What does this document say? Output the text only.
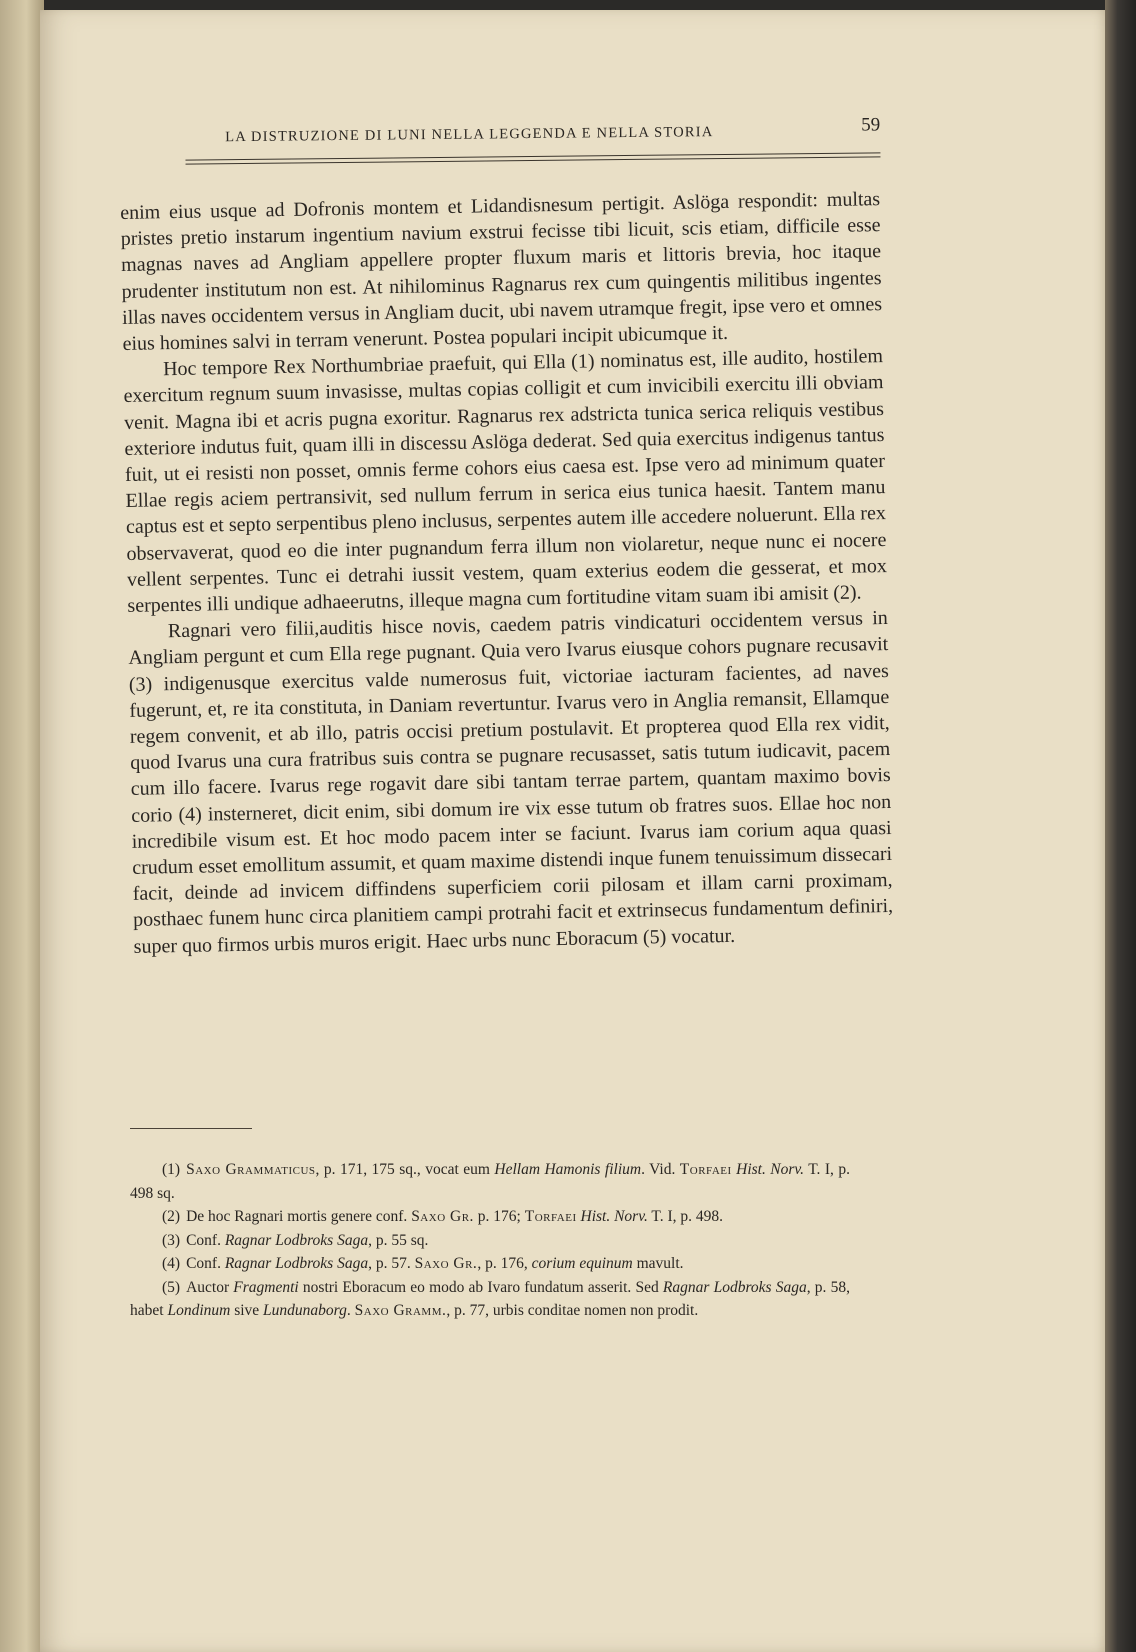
LA DISTRUZIONE DI LUNI NELLA LEGGENDA E NELLA STORIA	59

enim eius usque ad Dofronis montem et Lidandisnesum pertigit. Aslöga respondit: multas pristes pretio instarum ingentium navium exstrui fecisse tibi licuit, scis etiam, difficile esse magnas naves ad Angliam appellere propter fluxum maris et littoris brevia, hoc itaque prudenter institutum non est. At nihilominus Ragnarus rex cum quingentis militibus ingentes illas naves occidentem versus in Angliam ducit, ubi navem utramque fregit, ipse vero et omnes eius homines salvi in terram venerunt. Postea populari incipit ubicumque it.

Hoc tempore Rex Northumbriae praefuit, qui Ella (1) nominatus est, ille audito, hostilem exercitum regnum suum invasisse, multas copias colligit et cum invicibili exercitu illi obviam venit. Magna ibi et acris pugna exoritur. Ragnarus rex adstricta tunica serica reliquis vestibus exteriore indutus fuit, quam illi in discessu Aslöga dederat. Sed quia exercitus indigenus tantus fuit, ut ei resisti non posset, omnis ferme cohors eius caesa est. Ipse vero ad minimum quater Ellae regis aciem pertransivit, sed nullum ferrum in serica eius tunica haesit. Tantem manu captus est et septo serpentibus pleno inclusus, serpentes autem ille accedere noluerunt. Ella rex observaverat, quod eo die inter pugnandum ferra illum non violaretur, neque nunc ei nocere vellent serpentes. Tunc ei detrahi iussit vestem, quam exterius eodem die gesserat, et mox serpentes illi undique adhaeerutns, illeque magna cum fortitudine vitam suam ibi amisit (2).

Ragnari vero filii,auditis hisce novis, caedem patris vindicaturi occidentem versus in Angliam pergunt et cum Ella rege pugnant. Quia vero Ivarus eiusque cohors pugnare recusavit (3) indigenusque exercitus valde numerosus fuit, victoriae iacturam facientes, ad naves fugerunt, et, re ita constituta, in Daniam revertuntur. Ivarus vero in Anglia remansit, Ellamque regem convenit, et ab illo, patris occisi pretium postulavit. Et propterea quod Ella rex vidit, quod Ivarus una cura fratribus suis contra se pugnare recusasset, satis tutum iudicavit, pacem cum illo facere. Ivarus rege rogavit dare sibi tantam terrae partem, quantam maximo bovis corio (4) insterneret, dicit enim, sibi domum ire vix esse tutum ob fratres suos. Ellae hoc non incredibile visum est. Et hoc modo pacem inter se faciunt. Ivarus iam corium aqua quasi crudum esset emollitum assumit, et quam maxime distendi inque funem tenuissimum dissecari facit, deinde ad invicem diffindens superficiem corii pilosam et illam carni proximam, posthaec funem hunc circa planitiem campi protrahi facit et extrinsecus fundamentum definiri, super quo firmos urbis muros erigit. Haec urbs nunc Eboracum (5) vocatur.

(1) Saxo Grammaticus, p. 171, 175 sq., vocat eum Hellam Hamonis filium. Vid. Torfaei Hist. Norv. T. I, p. 498 sq.

(2) De hoc Ragnari mortis genere conf. Saxo Gr. p. 176; Torfaei Hist. Norv. T. I, p. 498.

(3) Conf. Ragnar Lodbroks Saga, p. 55 sq.

(4) Conf. Ragnar Lodbroks Saga, p. 57. Saxo Gr., p. 176, corium equinum mavult.

(5) Auctor Fragmenti nostri Eboracum eo modo ab Ivaro fundatum asserit. Sed Ragnar Lodbroks Saga, p. 58, habet Londinum sive Lundunaborg. Saxo Gramm., p. 77, urbis conditae nomen non prodit.
